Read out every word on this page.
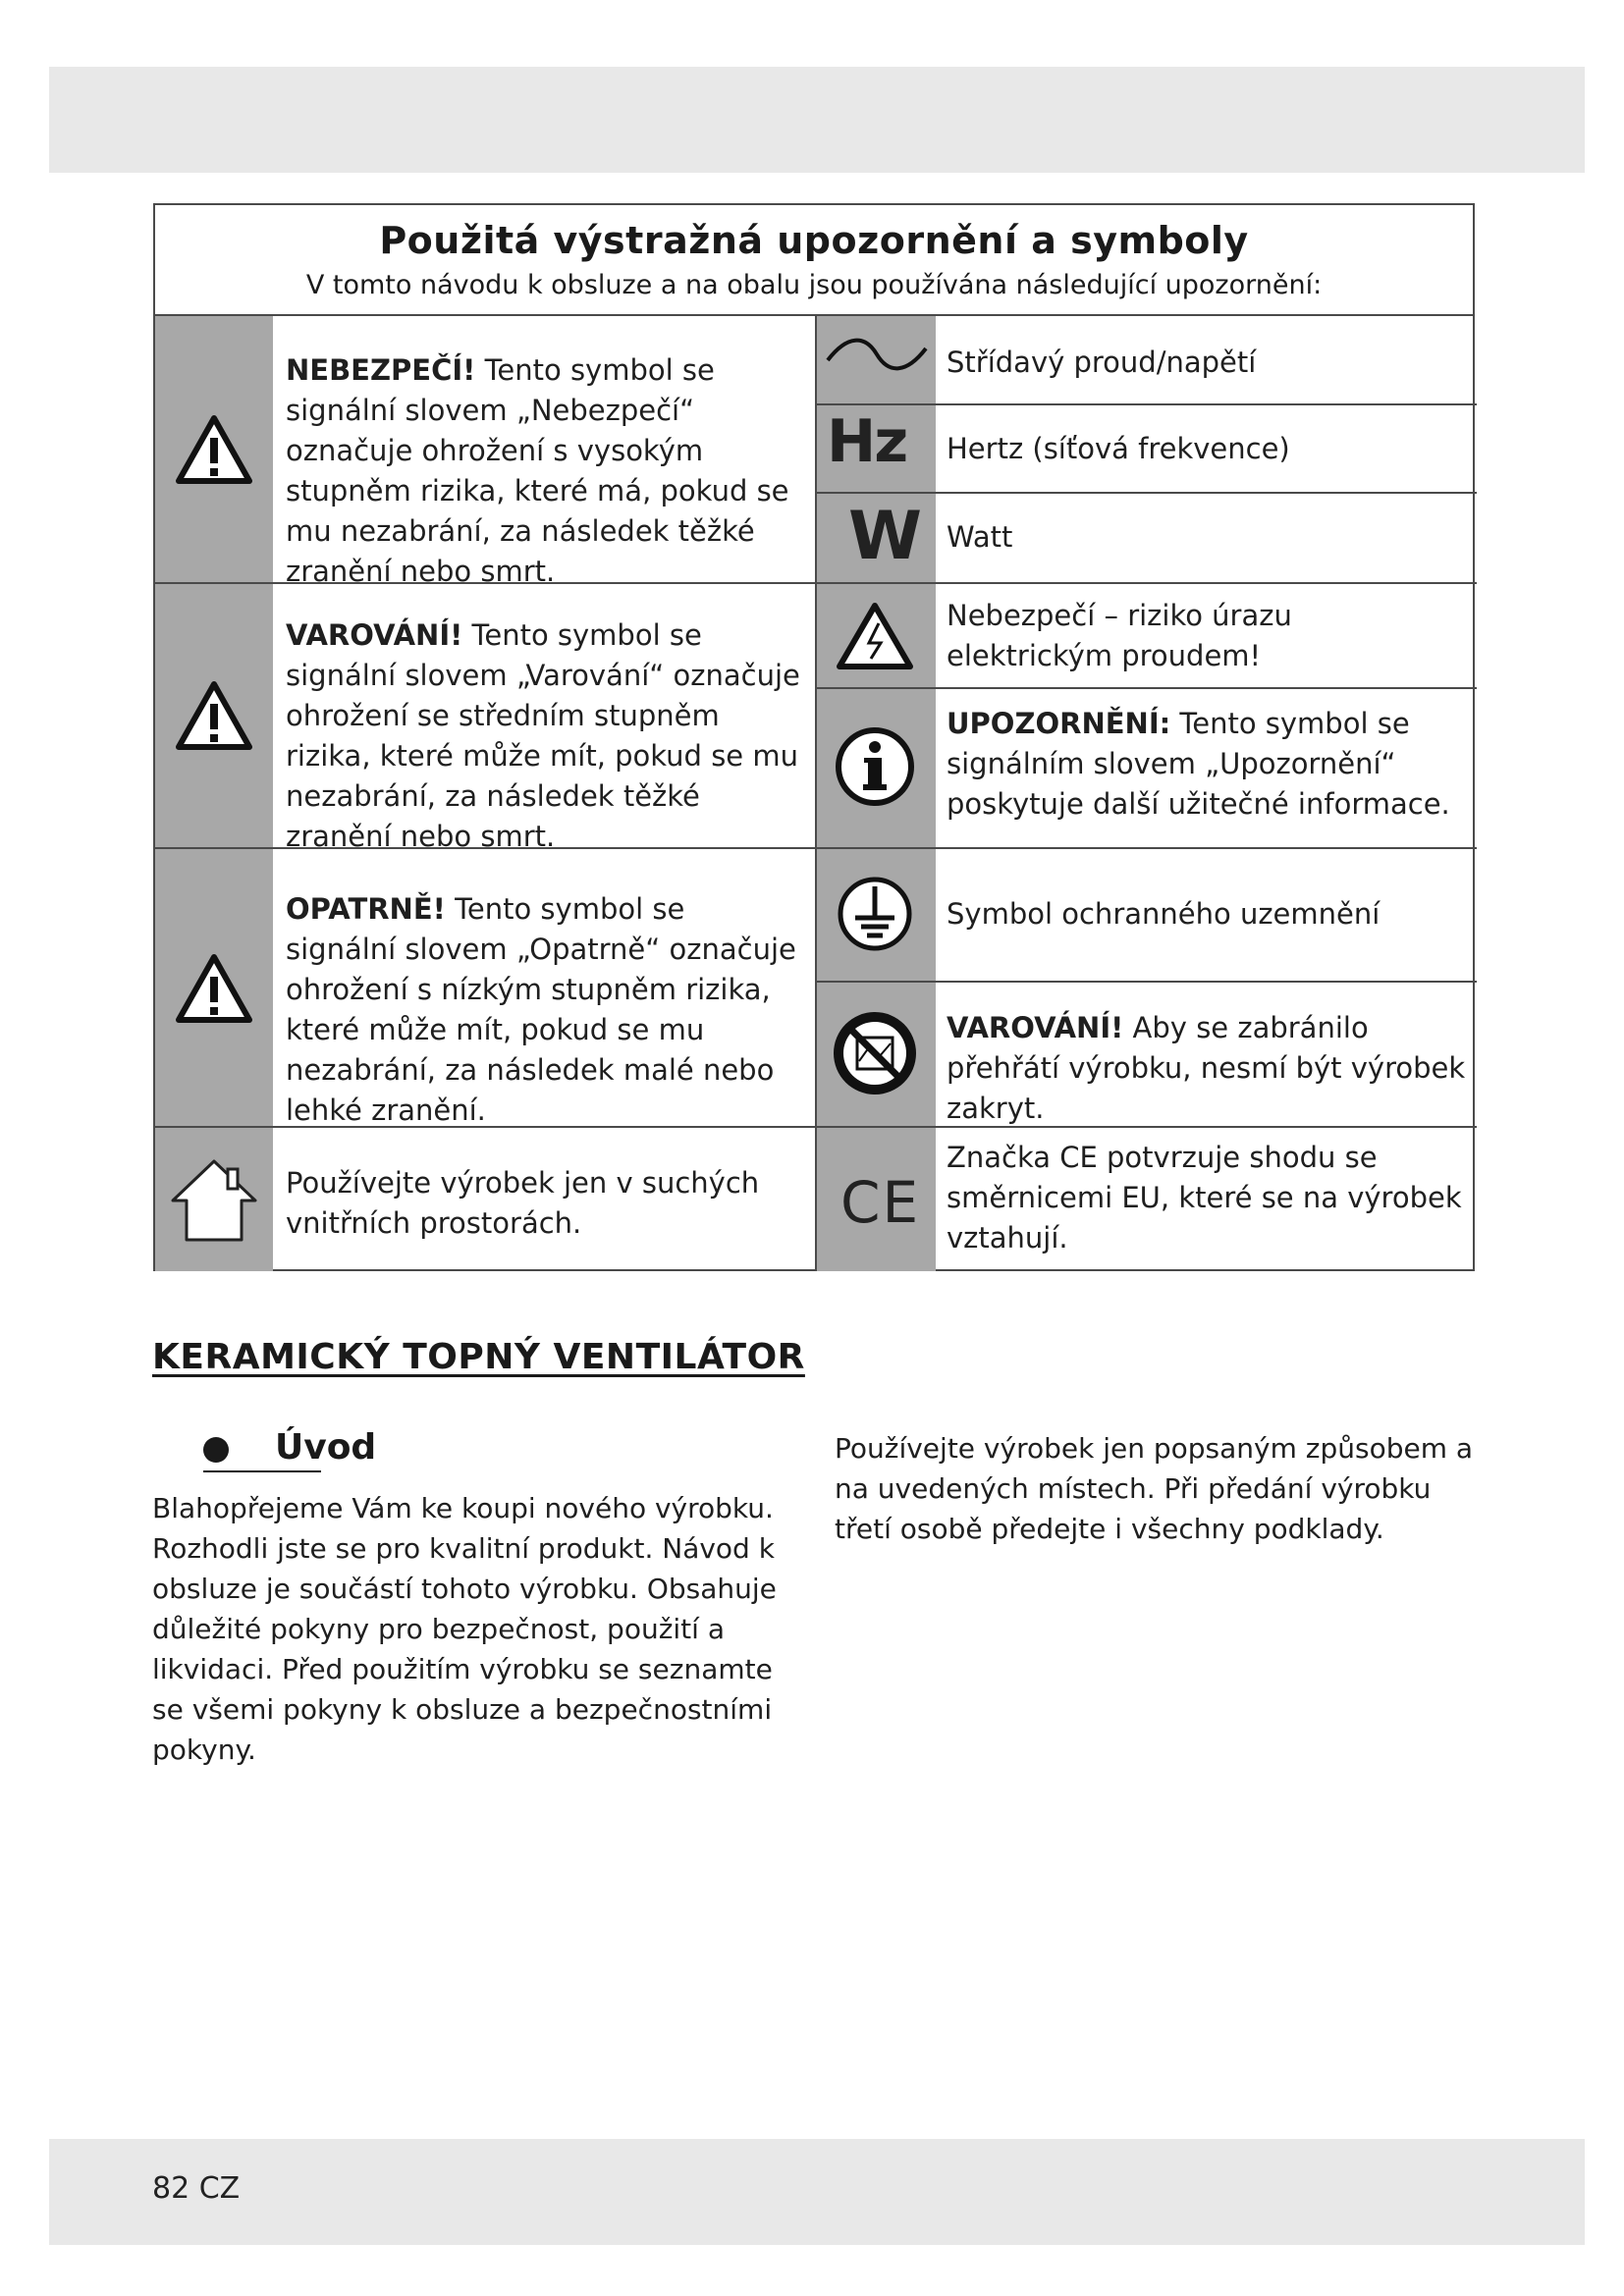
Použitá výstražná upozornění a symboly
V tomto návodu k obsluze a na obalu jsou používána následující upozornění:
NEBEZPEČÍ! Tento symbol se signální slovem „Nebezpečí“ označuje ohrožení s vysokým stupněm rizika, které má, pokud se mu nezabrání, za následek těžké zranění nebo smrt.
VAROVÁNÍ! Tento symbol se signální slovem „Varování“ označuje ohrožení se středním stupněm rizika, které může mít, pokud se mu nezabrání, za následek těžké zranění nebo smrt.
OPATRNĚ! Tento symbol se signální slovem „Opatrně“ označuje ohrožení s nízkým stupněm rizika, které může mít, pokud se mu nezabrání, za následek malé nebo lehké zranění.
Používejte výrobek jen v suchých vnitřních prostorách.
Střídavý proud/napětí
Hz Hertz (síťová frekvence)
W Watt
Nebezpečí – riziko úrazu elektrickým proudem!
UPOZORNĚNÍ: Tento symbol se signálním slovem „Upozornění“ poskytuje další užitečné informace.
Symbol ochranného uzemnění
VAROVÁNÍ! Aby se zabránilo přehřátí výrobku, nesmí být výrobek zakryt.
CE
Značka CE potvrzuje shodu se směrnicemi EU, které se na výrobek vztahují.
KERAMICKÝ TOPNÝ VENTILÁTOR
Úvod
Blahopřejeme Vám ke koupi nového výrobku. Rozhodli jste se pro kvalitní produkt. Návod k obsluze je součástí tohoto výrobku. Obsahuje důležité pokyny pro bezpečnost, použití a likvidaci. Před použitím výrobku se seznamte se všemi pokyny k obsluze a bezpečnostními pokyny.
Používejte výrobek jen popsaným způsobem a na uvedených místech. Při předání výrobku třetí osobě předejte i všechny podklady.
82 CZ
